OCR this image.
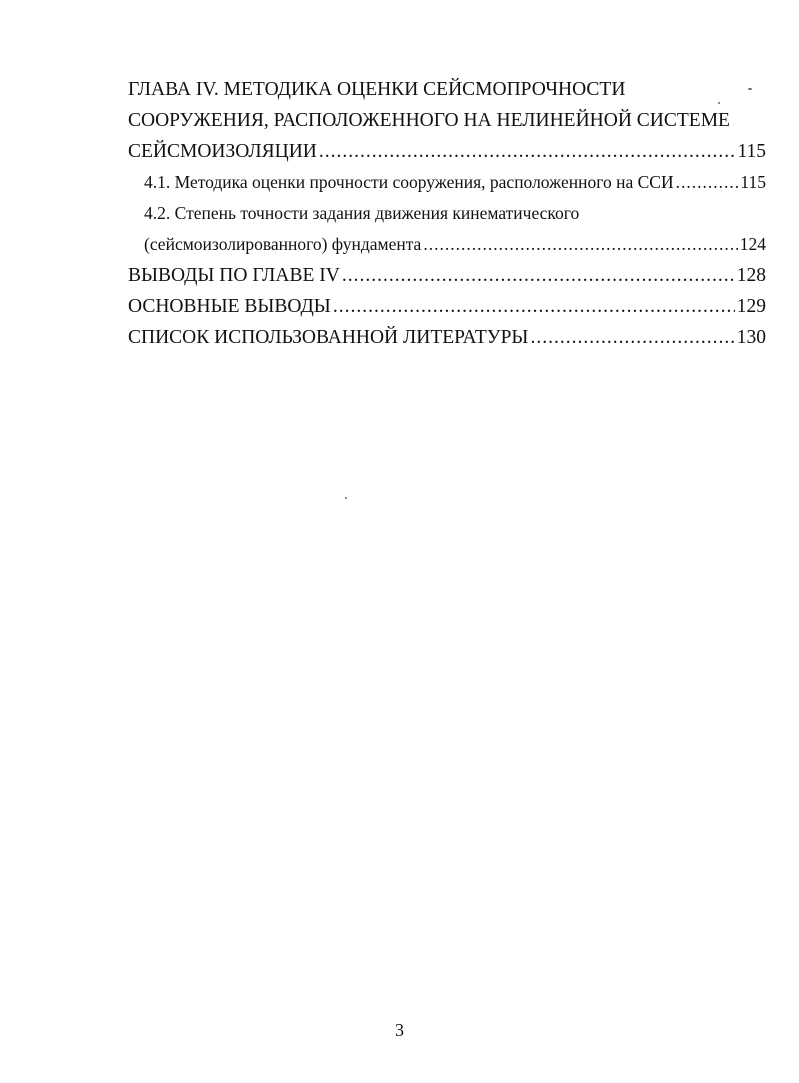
ГЛАВА IV. МЕТОДИКА ОЦЕНКИ СЕЙСМОПРОЧНОСТИ
СООРУЖЕНИЯ, РАСПОЛОЖЕННОГО НА НЕЛИНЕЙНОЙ СИСТЕМЕ
СЕЙСМОИЗОЛЯЦИИ .....	115
4.1. Методика оценки прочности сооружения, расположенного на ССИ .....	115
4.2. Степень точности задания движения кинематического
(сейсмоизолированного) фундамента .....	124
ВЫВОДЫ ПО ГЛАВЕ IV .....	128
ОСНОВНЫЕ ВЫВОДЫ .....	129
СПИСОК ИСПОЛЬЗОВАННОЙ ЛИТЕРАТУРЫ .....	130
3
